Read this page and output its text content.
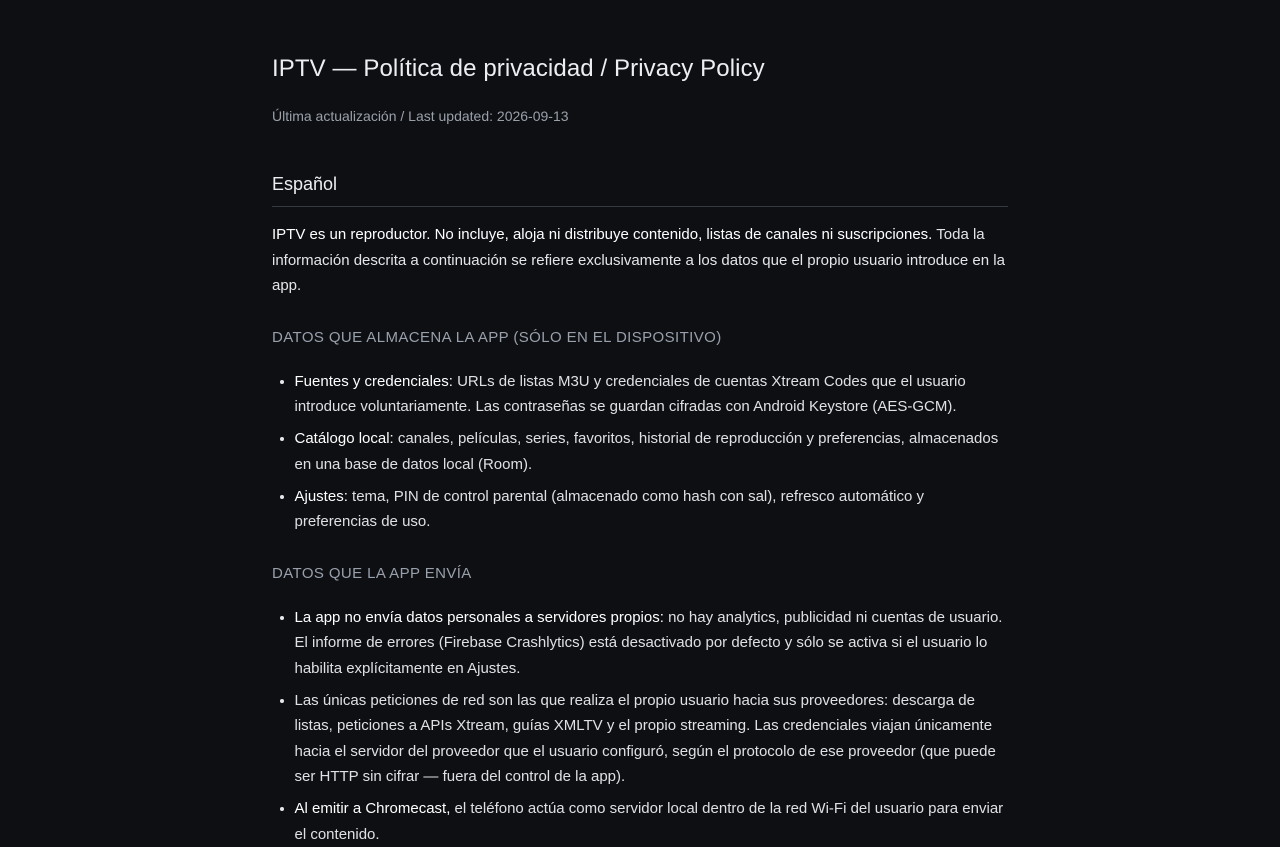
IPTV — Política de privacidad / Privacy Policy
Última actualización / Last updated: 2026-09-13
Español

IPTV es un reproductor. No incluye, aloja ni distribuye contenido, listas de canales ni suscripciones. Toda la información descrita a continuación se refiere exclusivamente a los datos que el propio usuario introduce en la app.

DATOS QUE ALMACENA LA APP (SÓLO EN EL DISPOSITIVO)
• Fuentes y credenciales: URLs de listas M3U y credenciales de cuentas Xtream Codes que el usuario introduce voluntariamente. Las contraseñas se guardan cifradas con Android Keystore (AES-GCM).
• Catálogo local: canales, películas, series, favoritos, historial de reproducción y preferencias, almacenados en una base de datos local (Room).
• Ajustes: tema, PIN de control parental (almacenado como hash con sal), refresco automático y preferencias de uso.
DATOS QUE LA APP ENVÍA
• La app no envía datos personales a servidores propios: no hay analytics, publicidad ni cuentas de usuario. El informe de errores (Firebase Crashlytics) está desactivado por defecto y sólo se activa si el usuario lo habilita explícitamente en Ajustes.
• Las únicas peticiones de red son las que realiza el propio usuario hacia sus proveedores: descarga de listas, peticiones a APIs Xtream, guías XMLTV y el propio streaming. Las credenciales viajan únicamente hacia el servidor del proveedor que el usuario configuró, según el protocolo de ese proveedor (que puede ser HTTP sin cifrar — fuera del control de la app).
• Al emitir a Chromecast, el teléfono actúa como servidor local dentro de la red Wi-Fi del usuario para enviar el contenido.
